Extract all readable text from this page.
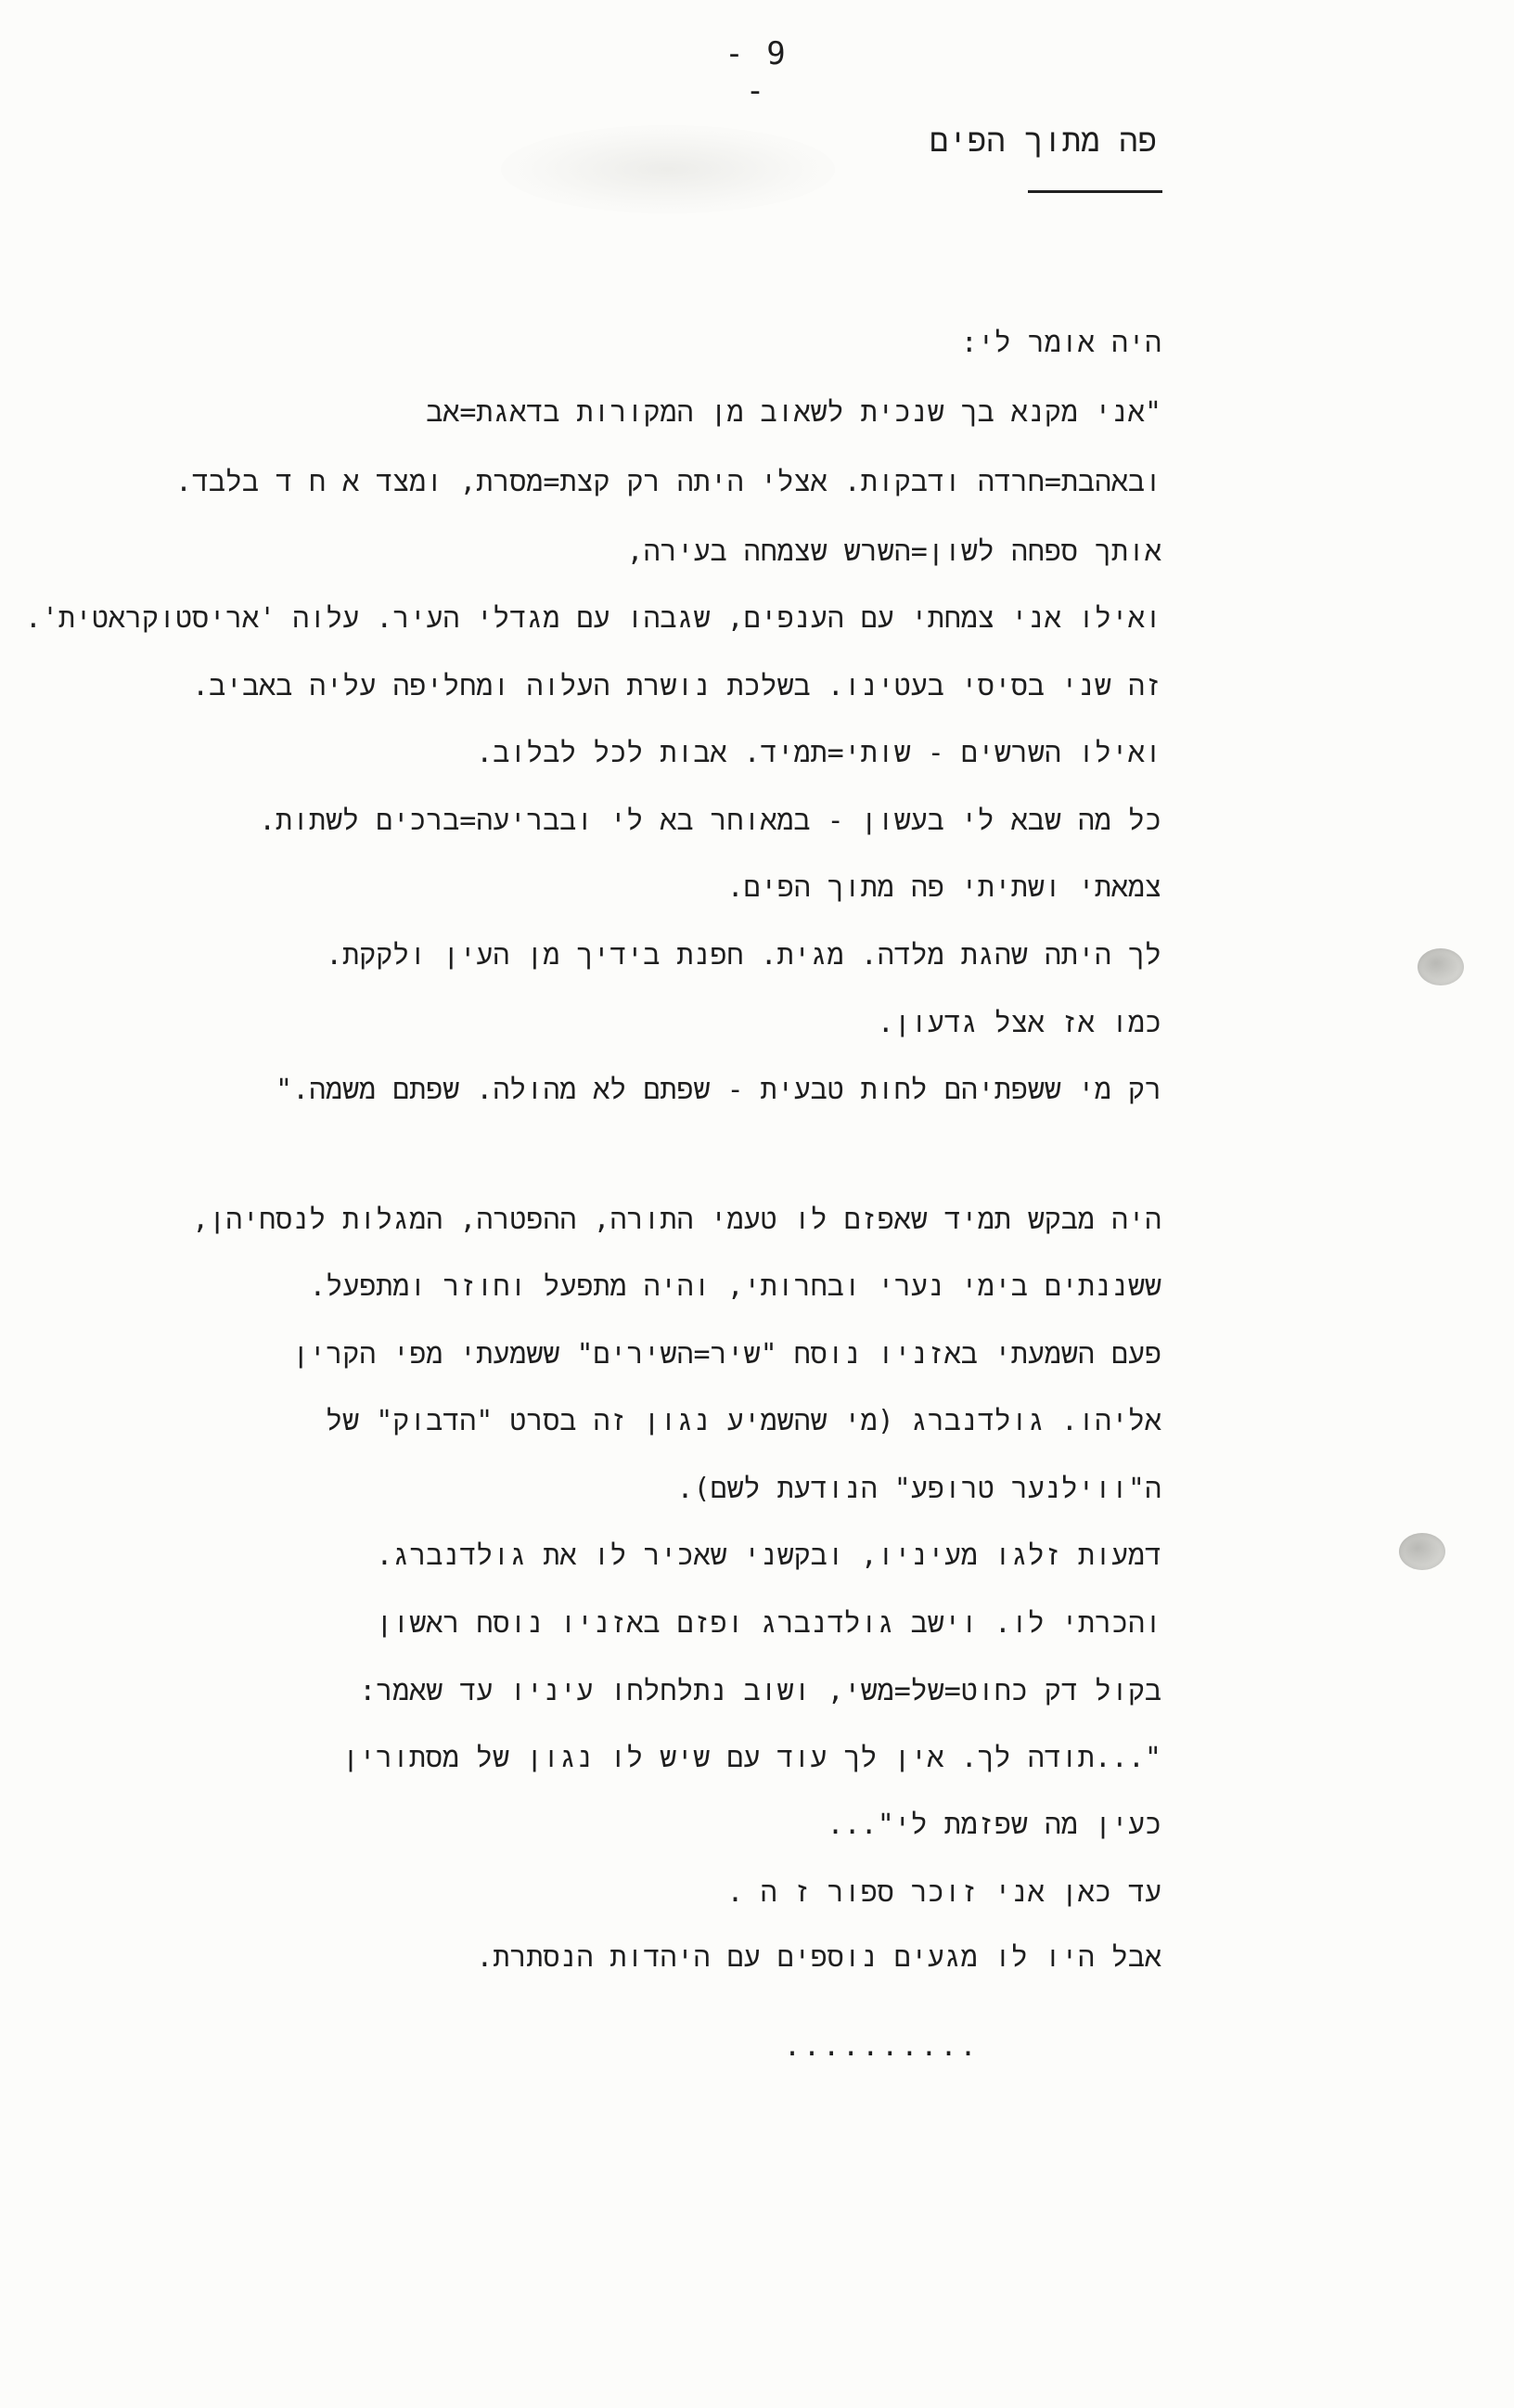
- 9 -
פה מתוך הפים
היה אומר לי:
"אני מקנא בך שנכית לשאוב מן המקורות בדאגת=אב
ובאהבת=חרדה ודבקות. אצלי היתה רק קצת=מסרת, ומצד א ח ד בלבד.
אותך ספחה לשון=השרש שצמחה בעירה,
ואילו אני צמחתי עם הענפים, שגבהו עם מגדלי העיר. עלוה 'אריסטוקראטית'.
זה שני בסיסי בעטינו. בשלכת נושרת העלוה ומחליפה עליה באביב.
ואילו השרשים - שותי=תמיד. אבות לכל לבלוב.
כל מה שבא לי בעשון - במאוחר בא לי ובבריעה=ברכים לשתות.
צמאתי ושתיתי פה מתוך הפים.
לך היתה שהגת מלדה. מגית. חפנת בידיך מן העין ולקקת.
כמו אז אצל גדעון.
רק מי ששפתיהם לחות טבעית - שפתם לא מהולה. שפתם משמה."
היה מבקש תמיד שאפזם לו טעמי התורה, ההפטרה, המגלות לנסחיהן,
ששננתים בימי נערי ובחרותי, והיה מתפעל וחוזר ומתפעל.
פעם השמעתי באזניו נוסח "שיר=השירים" ששמעתי מפי הקרין
אליהו. גולדנברג (מי שהשמיע נגון זה בסרט "הדבוק" של
ה"ווילנער טרופע" הנודעת לשם).
דמעות זלגו מעיניו, ובקשני שאכיר לו את גולדנברג.
והכרתי לו. וישב גולדנברג ופזם באזניו נוסח ראשון
בקול דק כחוט=של=משי, ושוב נתלחלחו עיניו עד שאמר:
"...תודה לך. אין לך עוד עם שיש לו נגון של מסתורין
כעין מה שפזמת לי"...
עד כאן אני זוכר ספור ז ה .
אבל היו לו מגעים נוספים עם היהדות הנסתרת.
..........
